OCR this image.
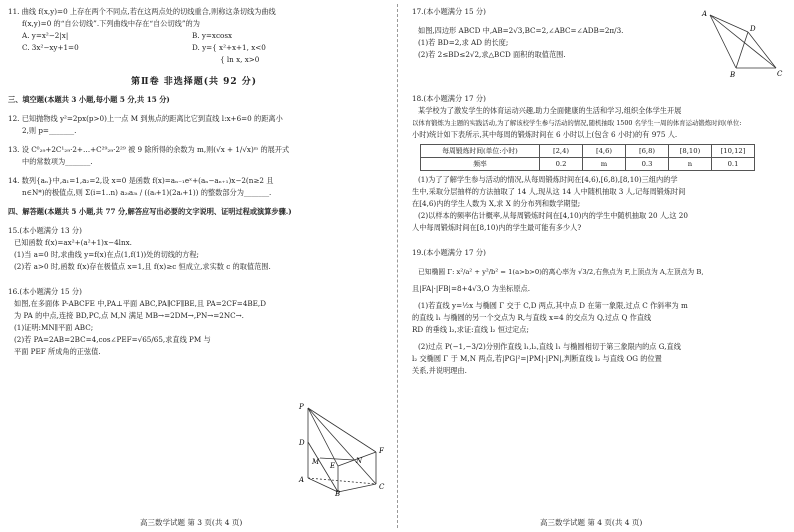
11. 曲线 f(x,y)=0 上存在两个不同点,若在这两点处的切线重合,则称这条切线为曲线

f(x,y)=0 的“自公切线”.下列曲线中存在“自公切线”的为

A. y=x²−2|x|	B. y=xcosx
C. 3x²−xy+1=0	D. y={ x²+x+1, x<0
{ ln x, x>0
第Ⅱ卷 非选择题(共 92 分)

三、填空题(本题共 3 小题,每小题 5 分,共 15 分)

12. 已知抛物线 y²=2px(p>0)上一点 M 到焦点的距离比它到直线 l:x+6=0 的距离小

2,则 p=_______.

13. 设 C⁰₂₉+2C¹₂₉·2+…+C²⁹₂₉·2²⁹ 被 9 除所得的余数为 m,则(√x + 1/√x)ᵐ 的展开式

中的常数项为_______.

14. 数列{aₙ}中,a₁=1,a₂=2,设 x=0 是函数 f(x)=aₙ₋₁eˣ+(aₙ−aₙ₊₁)x−2(n≥2 且

n∈N*)的极值点,则 Σ(i=1..n) a₂ᵢa₃ᵢ / ((aᵢ+1)(2aᵢ+1)) 的整数部分为_______.

四、解答题(本题共 5 小题,共 77 分,解答应写出必要的文字说明、证明过程或演算步骤.)

15.(本小题满分 13 分)

已知函数 f(x)=ax²+(a²+1)x−4lnx.

(1)当 a=0 时,求曲线 y=f(x)在点(1,f(1))处的切线的方程;

(2)若 a>0 时,函数 f(x)存在极值点 x=1,且 f(x)≥c 恒成立,求实数 c 的取值范围.

16.(本小题满分 15 分)

如图,在多面体 P-ABCFE 中,PA⊥平面 ABC,PA∥CF∥BE,且 PA=2CF=4BE,D

为 PA 的中点,连接 BD,PC,点 M,N 满足 MB→=2DM→,PN→=2NC→.

(1)证明:MN∥平面 ABC;

(2)若 PA=2AB=2BC=4,cos∠PEF=√65/65,求直线 PM 与

平面 PEF 所成角的正弦值.

P
D
M	N
E
F
A
B
C

17.(本小题满分 15 分)

如图,四边形 ABCD 中,AB=2√3,BC=2,∠ABC=∠ADB=2π/3.

(1)若 BD=2,求 AD 的长度;

(2)若 2≤BD≤2√2,求△BCD 面积的取值范围.

18.(本小题满分 17 分)

某学校为了激发学生的体育运动兴趣,助力全面健康的生活和学习,组织全体学生开展

以体育锻炼为主题的实践活动,为了解该校学生参与活动的情况,随机抽取 1500 名学生一周的体育运动锻炼时间(单位:

小时)统计如下表所示,其中每周的锻炼时间在 6 小时以上(包含 6 小时)的有 975 人.

每周锻炼时间(单位:小时)	[2,4)	[4,6)	[6,8)	[8,10)	[10,12]
频率	0.2	m	0.3	n	0.1

(1)为了了解学生参与活动的情况,从每周锻炼时间在[4,6),[6,8),[8,10)三组内的学

生中,采取分层抽样的方法抽取了 14 人,现从这 14 人中随机抽取 3 人,记每周锻炼时间

在[4,6)内的学生人数为 X,求 X 的分布列和数学期望;

(2)以样本的频率估计概率,从每周锻炼时间在[4,10)内的学生中随机抽取 20 人,这 20

人中每周锻炼时间在[8,10)内的学生最可能有多少人?

19.(本小题满分 17 分)

已知椭圆 Γ: x²/a² + y²/b² = 1(a>b>0)的离心率为 √3/2,右焦点为 F,上顶点为 A,左顶点为 B,

且|FA|·|FB|=8+4√3,O 为坐标原点.

(1)若直线 y=½x 与椭圆 Γ 交于 C,D 两点,其中点 D 在第一象限,过点 C 作斜率为 m

的直线 l₁ 与椭圆的另一个交点为 R,与直线 x=4 的交点为 Q,过点 Q 作直线

RD 的垂线 l₂,求证:直线 l₂ 恒过定点;

(2)过点 P(−1,−3/2)分别作直线 l₁,l₂,直线 l₁ 与椭圆相切于第三象限内的点 G,直线

l₂ 交椭圆 Γ 于 M,N 两点,若|PG|²=|PM|·|PN|,判断直线 l₂ 与直线 OG 的位置

关系,并说明理由.

A
B	C
D
高三数学试题 第 3 页(共 4 页)	高三数学试题 第 4 页(共 4 页)
